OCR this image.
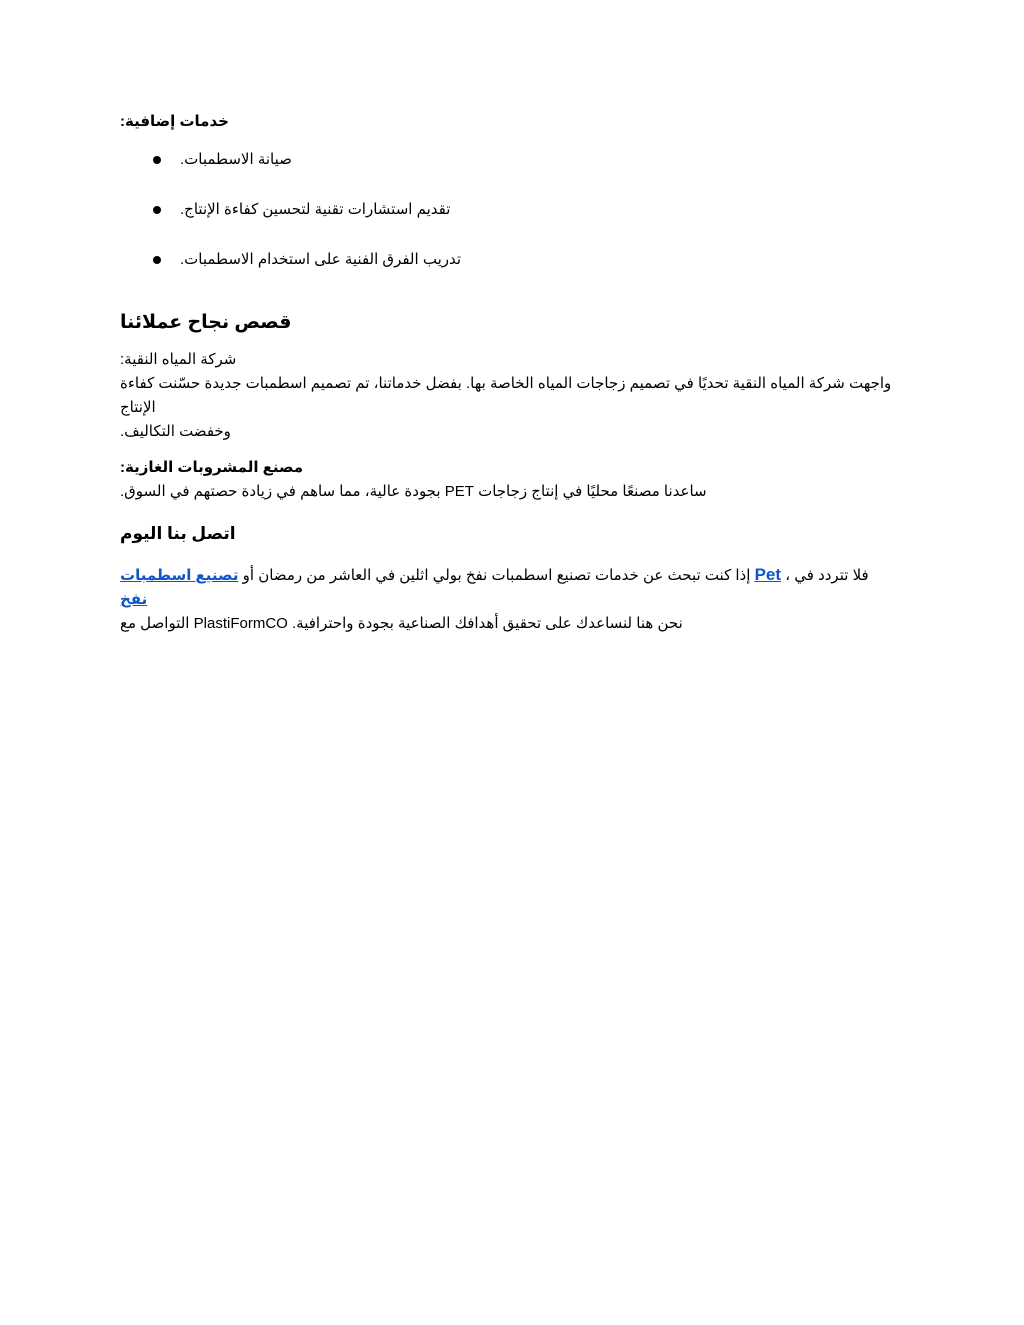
خدمات إضافية:

صيانة الاسطمبات.
تقديم استشارات تقنية لتحسين كفاءة الإنتاج.
تدريب الفرق الفنية على استخدام الاسطمبات.
قصص نجاح عملائنا

شركة المياه النقية:

واجهت شركة المياه النقية تحديًا في تصميم زجاجات المياه الخاصة بها. بفضل خدماتنا، تم تصميم اسطمبات جديدة حسّنت كفاءة الإنتاج

وخفضت التكاليف.

مصنع المشروبات الغازية:

ساعدنا مصنعًا محليًا في إنتاج زجاجات PET بجودة عالية، مما ساهم في زيادة حصتهم في السوق.

اتصل بنا اليوم
فلا تتردد في ، Pet إذا كنت تبحث عن خدمات تصنيع اسطمبات نفخ بولي اثلين في العاشر من رمضان أو تصنيع اسطمبات نفخ
نحن هنا لنساعدك على تحقيق أهدافك الصناعية بجودة واحترافية. PlastiFormCO التواصل مع
